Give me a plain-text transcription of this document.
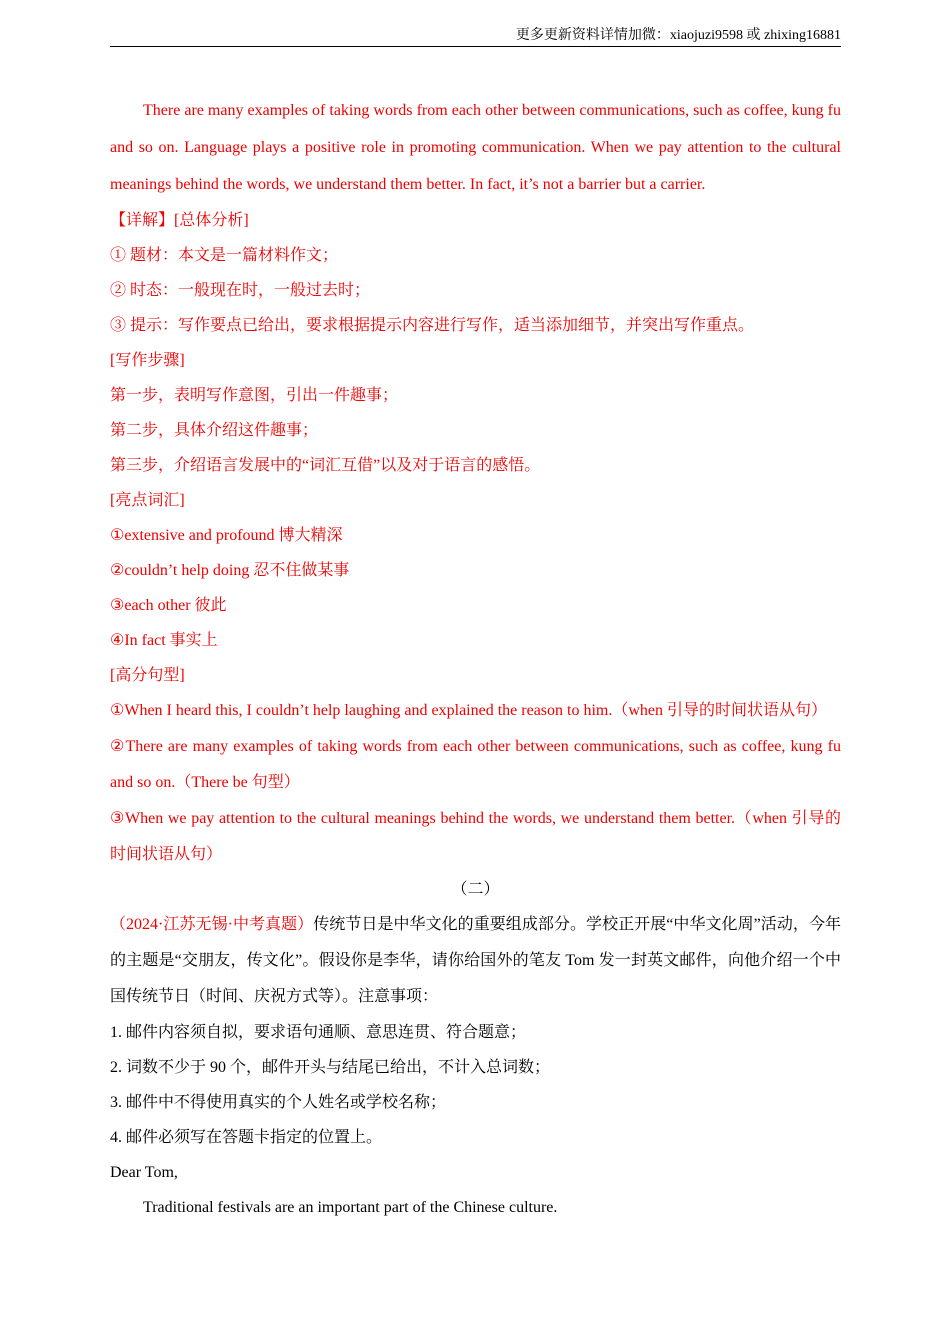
更多更新资料详情加微：xiaojuzi9598 或 zhixing16881

There are many examples of taking words from each other between communications, such as coffee, kung fu and so on. Language plays a positive role in promoting communication. When we pay attention to the cultural meanings behind the words, we understand them better. In fact, it’s not a barrier but a carrier.

【详解】[总体分析]

① 题材：本文是一篇材料作文；

② 时态：一般现在时，一般过去时；

③ 提示：写作要点已给出，要求根据提示内容进行写作，适当添加细节，并突出写作重点。

[写作步骤]

第一步，表明写作意图，引出一件趣事；

第二步，具体介绍这件趣事；

第三步，介绍语言发展中的“词汇互借”以及对于语言的感悟。

[亮点词汇]

①extensive and profound 博大精深

②couldn’t help doing 忍不住做某事

③each other 彼此

④In fact 事实上

[高分句型]

①When I heard this, I couldn’t help laughing and explained the reason to him.（when 引导的时间状语从句）

②There are many examples of taking words from each other between communications, such as coffee, kung fu and so on.（There be 句型）

③When we pay attention to the cultural meanings behind the words, we understand them better.（when 引导的时间状语从句）

（二）

（2024·江苏无锡·中考真题）传统节日是中华文化的重要组成部分。学校正开展“中华文化周”活动，今年的主题是“交朋友，传文化”。假设你是李华，请你给国外的笔友 Tom 发一封英文邮件，向他介绍一个中国传统节日（时间、庆祝方式等）。注意事项：

1. 邮件内容须自拟，要求语句通顺、意思连贯、符合题意；

2. 词数不少于 90 个，邮件开头与结尾已给出，不计入总词数；

3. 邮件中不得使用真实的个人姓名或学校名称；

4. 邮件必须写在答题卡指定的位置上。

Dear Tom,

Traditional festivals are an important part of the Chinese culture.
